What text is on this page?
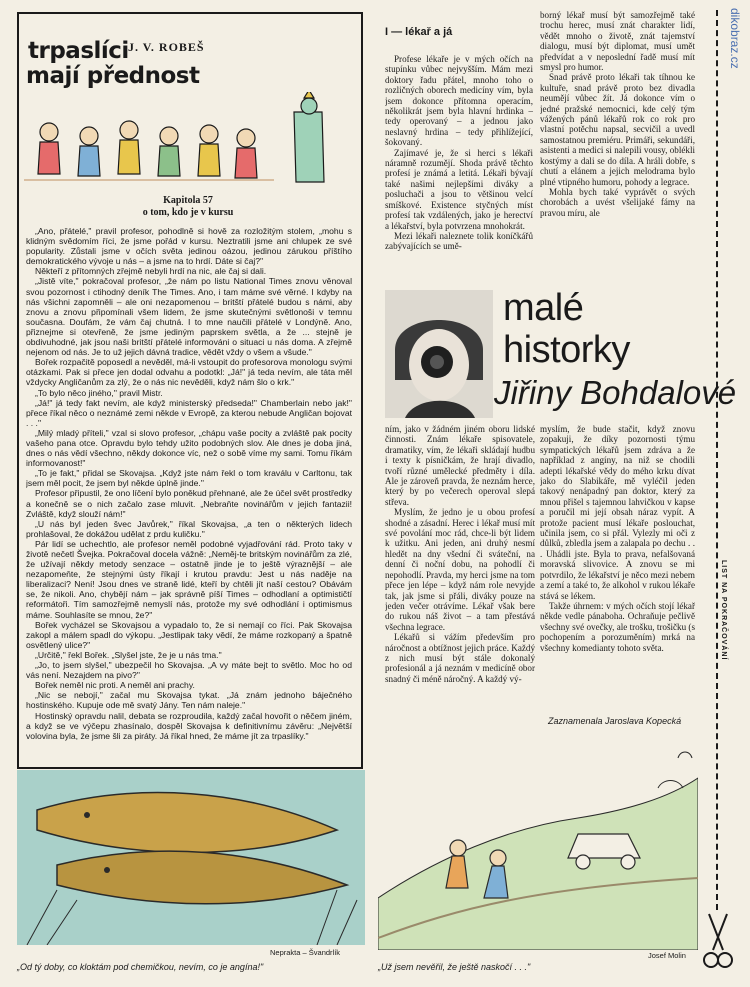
trpaslíci
mají přednost
J. V. ROBEŠ
Kapitola 57
o tom, kdo je v kursu

„Ano, přátelé," pravil profesor, pohodlně si hově za rozložitým stolem, „mohu s klidným svědomím říci, že jsme pořád v kursu. Neztratili jsme ani chlupek ze své popularity. Zůstali jsme v očích světa jedinou oázou, jedinou zárukou příštího demokratického vývoje u nás – a jsme na to hrdí. Dáte si čaj?"

Někteří z přítomných zřejmě nebyli hrdí na nic, ale čaj si dali.

„Jistě víte," pokračoval profesor, „že nám po listu National Times znovu věnoval svou pozornost i ctihodný deník The Times. Ano, i tam máme své věrné. I kdyby na nás všichni zapomněli – ale oni nezapomenou – britští přátelé budou s námi, aby znovu a znovu připomínali všem lidem, že jsme skutečnými světlonoši v temnu současna. Doufám, že vám čaj chutná. I to mne naučili přátelé v Londýně. Ano, přiznejme si otevřeně, že jsme jediným paprskem světla, a že ... stejně je obdivuhodné, jak jsou naši britští přátelé informováni o situaci u nás doma. A zřejmě nejenom od nás. Je to už jejich dávná tradice, vědět vždy o všem a všude."

Bořek rozpačitě poposedl a nevěděl, má-li vstoupit do profesorova monologu svými otázkami. Pak si přece jen dodal odvahu a podotkl: „Já!" já teda nevím, ale táta měl vždycky Angličanům za zlý, že o nás nic nevěděli, když nám šlo o krk."

„To bylo něco jiného," pravil Mistr.

„Já!" já tedy fakt nevím, ale když ministerský předseda!" Chamberlain nebo jak!" přece říkal něco o neznámé zemi někde v Evropě, za kterou nebude Angličan bojovat . . ."

„Milý mladý příteli," vzal si slovo profesor, „chápu vaše pocity a zvláště pak pocity vašeho pana otce. Opravdu bylo tehdy užito podobných slov. Ale dnes je doba jiná, dnes o nás vědí všechno, někdy dokonce víc, než o sobě víme my sami. Tomu říkám informovanost!"

„To je fakt," přidal se Skovajsa. „Když jste nám řekl o tom kraválu v Carltonu, tak jsem měl pocit, že jsem byl někde úplně jinde."

Profesor připustil, že ono líčení bylo poněkud přehnané, ale že účel svět prostředky a konečně se o nich začalo zase mluvit. „Nebraňte novinářům v jejich fantazii! Zvláště, když slouží nám!"

„U nás byl jeden švec Javůrek," říkal Skovajsa, „a ten o některých lidech prohlašoval, že dokážou udělat z prdu kuličku."

Pár lidí se uchechtlo, ale profesor neměl podobné vyjadřování rád. Proto taky v životě nečetl Švejka. Pokračoval docela vážně: „Neměj-te britským novinářům za zlé, že užívají někdy metody senzace – ostatně jinde je to ještě výraznější – ale nezapomeňte, že stejnými ústy říkají i krutou pravdu: Jest u nás naděje na liberalizaci? Není! Jsou dnes ve straně lidé, kteří by chtěli jít naší cestou? Obávám se, že nikoli. Ano, chybějí nám – jak správně píší Times – odhodlaní a optimističtí reformátoři. Tím samozřejmě nemyslí nás, protože my své odhodlání i optimismus máme. Souhlasíte se mnou, že?"

Bořek vycházel se Skovajsou a vypadalo to, že si nemají co říci. Pak Skovajsa zakopl a málem spadl do výkopu. „Jestlipak taky vědí, že máme rozkopaný a špatně osvětlený ulice?"

„Určitě," řekl Bořek. „Slyšel jste, že je u nás tma."

„Jo, to jsem slyšel," ubezpečil ho Skovajsa. „A vy máte bejt to světlo. Moc ho od vás není. Nezajdem na pivo?"

Bořek neměl nic proti. A neměl ani prachy.

„Nic se nebojí," začal mu Skovajsa tykat. „Já znám jednoho báječného hostinského. Kupuje ode mě svatý Jány. Ten nám naleje."

Hostinský opravdu nalil, debata se rozproudila, každý začal hovořit o něčem jiném, a když se ve výčepu zhasínalo, dospěl Skovajsa k definitivnímu závěru: „Největší volovina byla, že jsme šli za piráty. Já říkal hned, že máme jít za trpaslíky."

Neprakta – Švandrlík
„Od tý doby, co kloktám pod chemičkou, nevím, co je angína!"
I — lékař a já

Profese lékaře je v mých očích na stupínku vůbec nejvyšším. Mám mezi doktory řadu přátel, mnoho toho o rozličných oborech medicíny vím, byla jsem dokonce přítomna operacím, několikrát jsem byla hlavní hrdinka – tedy operovaný – a jednou jako neslavný hrdina – tedy přihlížející, šokovaný.

Zajímavé je, že si herci s lékaři náramně rozumějí. Shoda právě těchto profesí je známá a letitá. Lékaři bývají také našimi nejlepšími diváky a posluchači a jsou to většinou velcí smíškové. Existence styčných míst profesí tak vzdálených, jako je herectví a lékařství, byla potvrzena mnohokrát.

Mezi lékaři naleznete tolik koníčkářů zabývajících se umě-

borný lékař musí být samozřejmě také trochu herec, musí znát charakter lidí, vědět mnoho o životě, znát tajemství dialogu, musí být diplomat, musí umět předvídat a v neposlední řadě musí mít smysl pro humor.

Snad právě proto lékaři tak tíhnou ke kultuře, snad právě proto bez divadla neumějí vůbec žít. Já dokonce vím o jedné pražské nemocnici, kde celý tým vážených pánů lékařů rok co rok pro vlastní potěchu napsal, secvičil a uvedl samostatnou premiéru. Primáři, sekundáři, asistenti a medici si nalepili vousy, oblékli kostýmy a dali se do díla. A hráli dobře, s chutí a elánem a jejich melodrama bylo plné vtipného humoru, pohody a legrace.

Mohla bych také vyprávět o svých chorobách a uvést všelijaké fámy na pravou míru, ale

malé
historky
Jiřiny Bohdalové

ním, jako v žádném jiném oboru lidské činnosti. Znám lékaře spisovatele, dramatiky, vím, že lékaři skládají hudbu i texty k písničkám, že hrají divadlo, tvoří různé umělecké předměty i díla. Ale je zároveň pravda, že neznám herce, který by po večerech operoval slepá střeva.

Myslím, že jedno je u obou profesí shodné a zásadní. Herec i lékař musí mít své povolání moc rád, chce-li být lidem k užitku. Ani jeden, ani druhý nesmí hledět na dny všední či sváteční, na denní či noční dobu, na pohodlí či nepohodlí. Pravda, my herci jsme na tom přece jen lépe – když nám role nevyjde tak, jak jsme si přáli, diváky pouze na jeden večer otrávíme. Lékař však bere do rukou náš život – a tam přestává všechna legrace.

Lékařů si vážím především pro náročnost a obtížnost jejich práce. Každý z nich musí být stále dokonalý profesionál a já neznám v medicíně obor snadný či méně náročný. A každý vý-

myslím, že bude stačit, když znovu zopakuji, že díky pozornosti týmu sympatických lékařů jsem zdráva a že například z angíny, na niž se chodili adepti lékařské vědy do mého krku dívat jako do Slabikáře, mě vyléčil jeden takový nenápadný pan doktor, který za mnou přišel s tajemnou lahvičkou v kapse a poručil mi její obsah náraz vypít. A protože pacient musí lékaře poslouchat, učinila jsem, co si přál. Vylezly mi oči z důlků, zbledla jsem a zalapala po dechu . . . Uhádli jste. Byla to prava, nefalšovaná moravská slivovice. A znovu se mi potvrdilo, že lékařství je něco mezi nebem a zemí a také to, že alkohol v rukou lékaře stává se lékem.

Takže úhrnem: v mých očích stojí lékař někde vedle pánaboha. Ochraňuje pečlivě všechny své ovečky, ale trošku, trošičku (s pochopením a porozuměním) mrká na všechny komedianty tohoto světa.

Zaznamenala Jaroslava Kopecká
Josef Molin
„Už jsem nevěřil, že ještě naskočí . . ."
dikobraz.cz
LIST NA POKRAČOVÁNÍ
